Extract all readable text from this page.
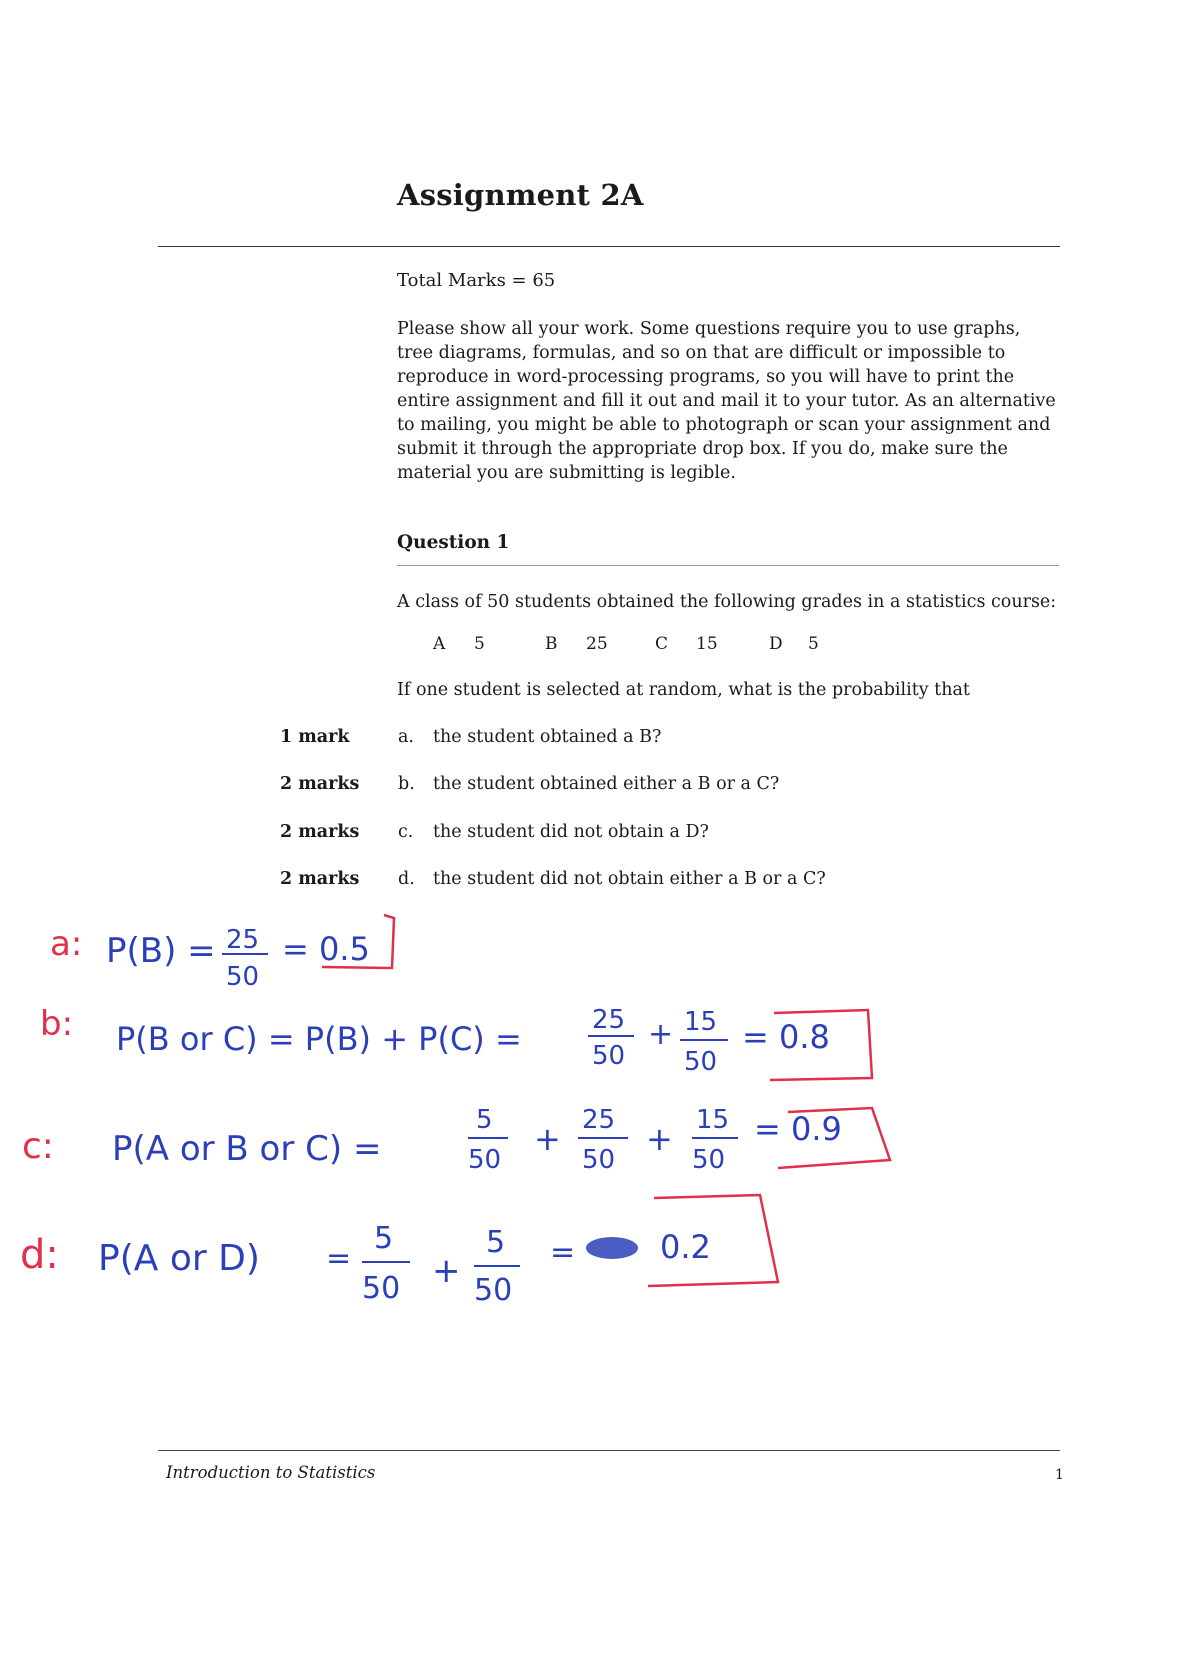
Assignment 2A
Total Marks = 65
Please show all your work. Some questions require you to use graphs, tree diagrams, formulas, and so on that are difficult or impossible to reproduce in word-processing programs, so you will have to print the entire assignment and fill it out and mail it to your tutor. As an alternative to mailing, you might be able to photograph or scan your assignment and submit it through the appropriate drop box. If you do, make sure the material you are submitting is legible.
Question 1
A class of 50 students obtained the following grades in a statistics course:
A 5	B 25	C 15	D 5
If one student is selected at random, what is the probability that
1 mark	a. the student obtained a B?
2 marks b. the student obtained either a B or a C?
2 marks c. the student did not obtain a D?
2 marks d. the student did not obtain either a B or a C?
a: P(B) = 25
50
= 0.5
b: P(B or C) = P(B) + P(C) =	25
50
+ 15
50
= 0.8
c: P(A or B or C) =
5
50
+ 25
50
+ 15
50
= 0.9
d: P(A or D) =
5
50 +
5
50
=	0.2
Introduction to Statistics	1
